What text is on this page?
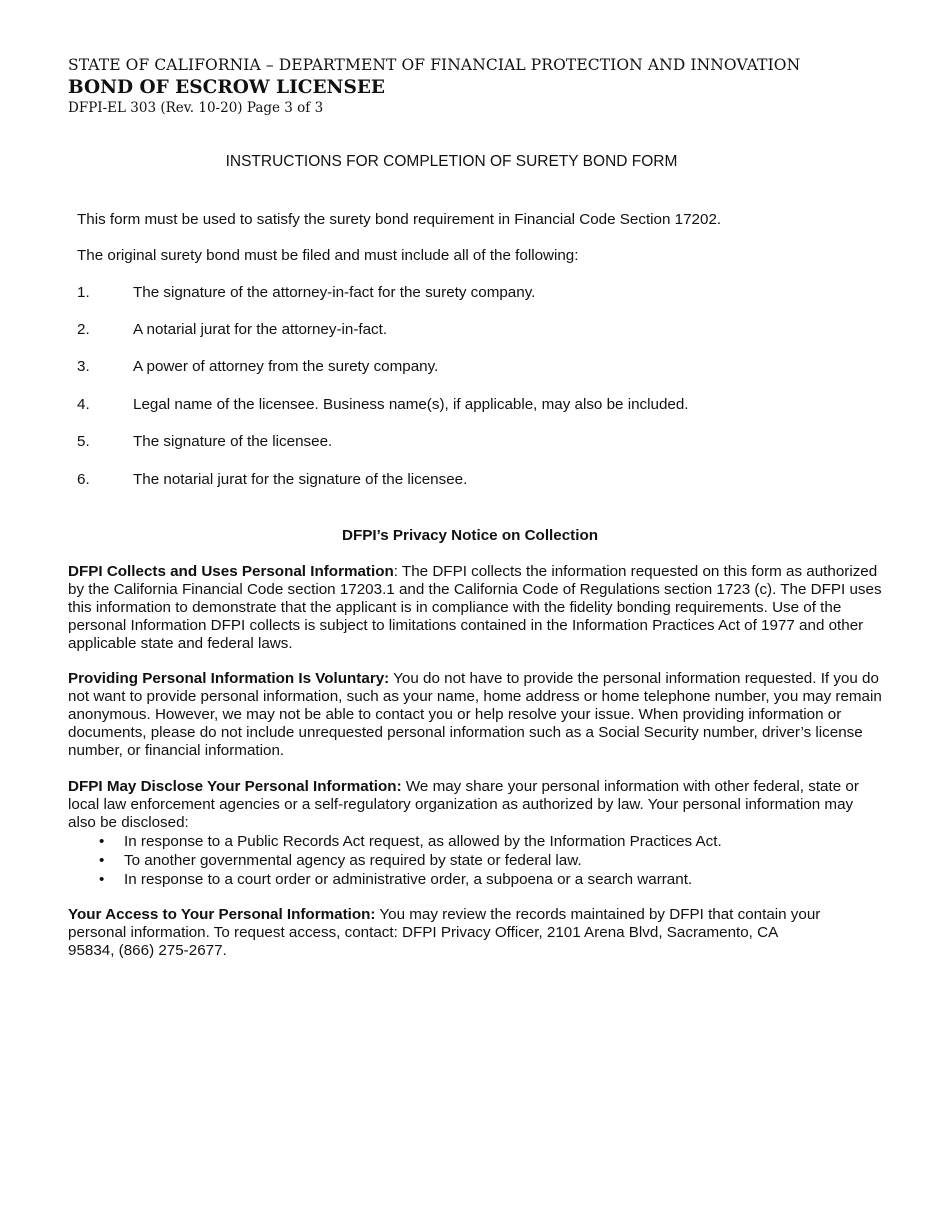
STATE OF CALIFORNIA – DEPARTMENT OF FINANCIAL PROTECTION AND INNOVATION
BOND OF ESCROW LICENSEE
DFPI-EL 303 (Rev. 10-20) Page 3 of 3
INSTRUCTIONS FOR COMPLETION OF SURETY BOND FORM
This form must be used to satisfy the surety bond requirement in Financial Code Section 17202.
The original surety bond must be filed and must include all of the following:
1.	The signature of the attorney-in-fact for the surety company.
2.	A notarial jurat for the attorney-in-fact.
3.	A power of attorney from the surety company.
4.	Legal name of the licensee. Business name(s), if applicable, may also be included.
5.	The signature of the licensee.
6.	The notarial jurat for the signature of the licensee.
DFPI’s Privacy Notice on Collection
DFPI Collects and Uses Personal Information: The DFPI collects the information requested on this form as authorized by the California Financial Code section 17203.1 and the California Code of Regulations section 1723 (c). The DFPI uses this information to demonstrate that the applicant is in compliance with the fidelity bonding requirements. Use of the personal Information DFPI collects is subject to limitations contained in the Information Practices Act of 1977 and other applicable state and federal laws.
Providing Personal Information Is Voluntary: You do not have to provide the personal information requested. If you do not want to provide personal information, such as your name, home address or home telephone number, you may remain anonymous. However, we may not be able to contact you or help resolve your issue. When providing information or documents, please do not include unrequested personal information such as a Social Security number, driver’s license number, or financial information.
DFPI May Disclose Your Personal Information: We may share your personal information with other federal, state or local law enforcement agencies or a self-regulatory organization as authorized by law. Your personal information may also be disclosed:
• In response to a Public Records Act request, as allowed by the Information Practices Act.
• To another governmental agency as required by state or federal law.
• In response to a court order or administrative order, a subpoena or a search warrant.
Your Access to Your Personal Information: You may review the records maintained by DFPI that contain your personal information. To request access, contact: DFPI Privacy Officer, 2101 Arena Blvd, Sacramento, CA 95834, (866) 275-2677.
